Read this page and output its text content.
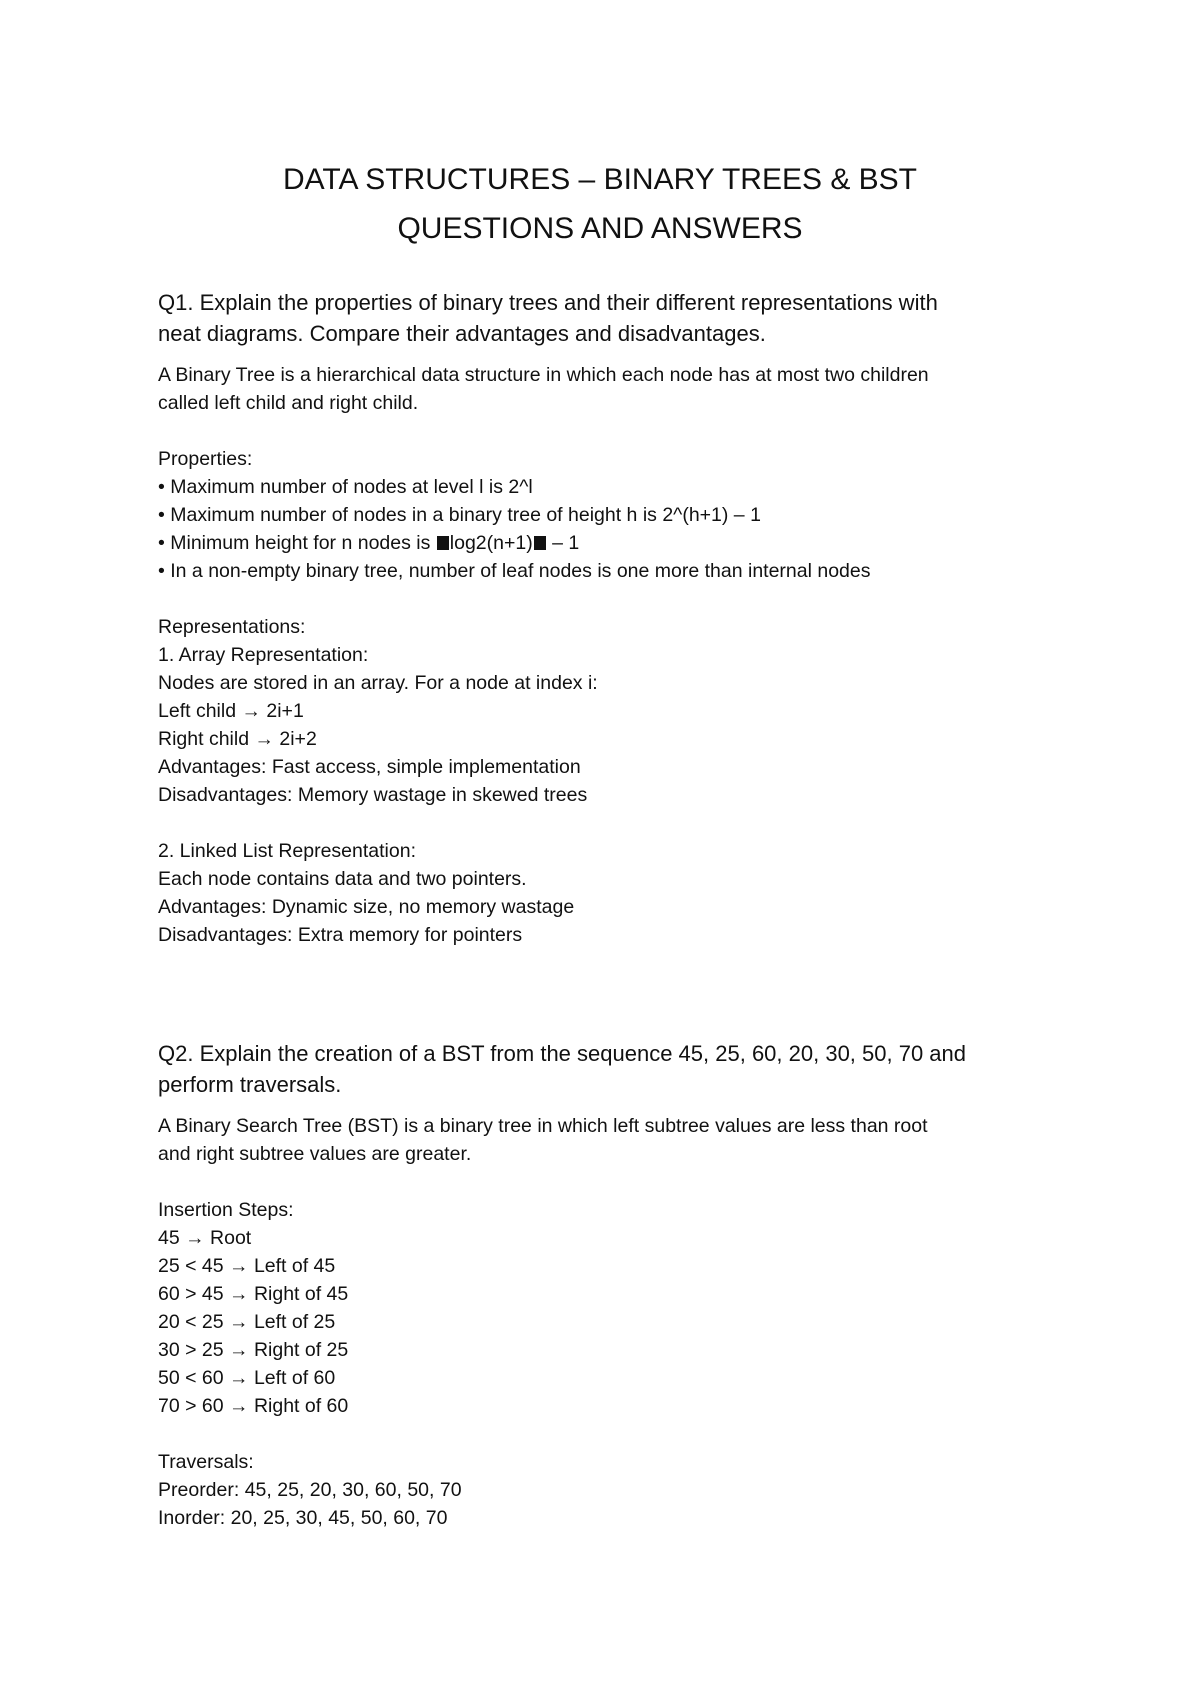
DATA STRUCTURES – BINARY TREES & BST
QUESTIONS AND ANSWERS
Q1. Explain the properties of binary trees and their different representations with
neat diagrams. Compare their advantages and disadvantages.
A Binary Tree is a hierarchical data structure in which each node has at most two children
called left child and right child.
Properties:
• Maximum number of nodes at level l is 2^l
• Maximum number of nodes in a binary tree of height h is 2^(h+1) – 1
• Minimum height for n nodes is log2(n+1) – 1
• In a non-empty binary tree, number of leaf nodes is one more than internal nodes
Representations:
1. Array Representation:
Nodes are stored in an array. For a node at index i:
Left child → 2i+1
Right child → 2i+2
Advantages: Fast access, simple implementation
Disadvantages: Memory wastage in skewed trees
2. Linked List Representation:
Each node contains data and two pointers.
Advantages: Dynamic size, no memory wastage
Disadvantages: Extra memory for pointers
Q2. Explain the creation of a BST from the sequence 45, 25, 60, 20, 30, 50, 70 and
perform traversals.
A Binary Search Tree (BST) is a binary tree in which left subtree values are less than root
and right subtree values are greater.
Insertion Steps:
45 → Root
25 < 45 → Left of 45
60 > 45 → Right of 45
20 < 25 → Left of 25
30 > 25 → Right of 25
50 < 60 → Left of 60
70 > 60 → Right of 60
Traversals:
Preorder: 45, 25, 20, 30, 60, 50, 70
Inorder: 20, 25, 30, 45, 50, 60, 70
